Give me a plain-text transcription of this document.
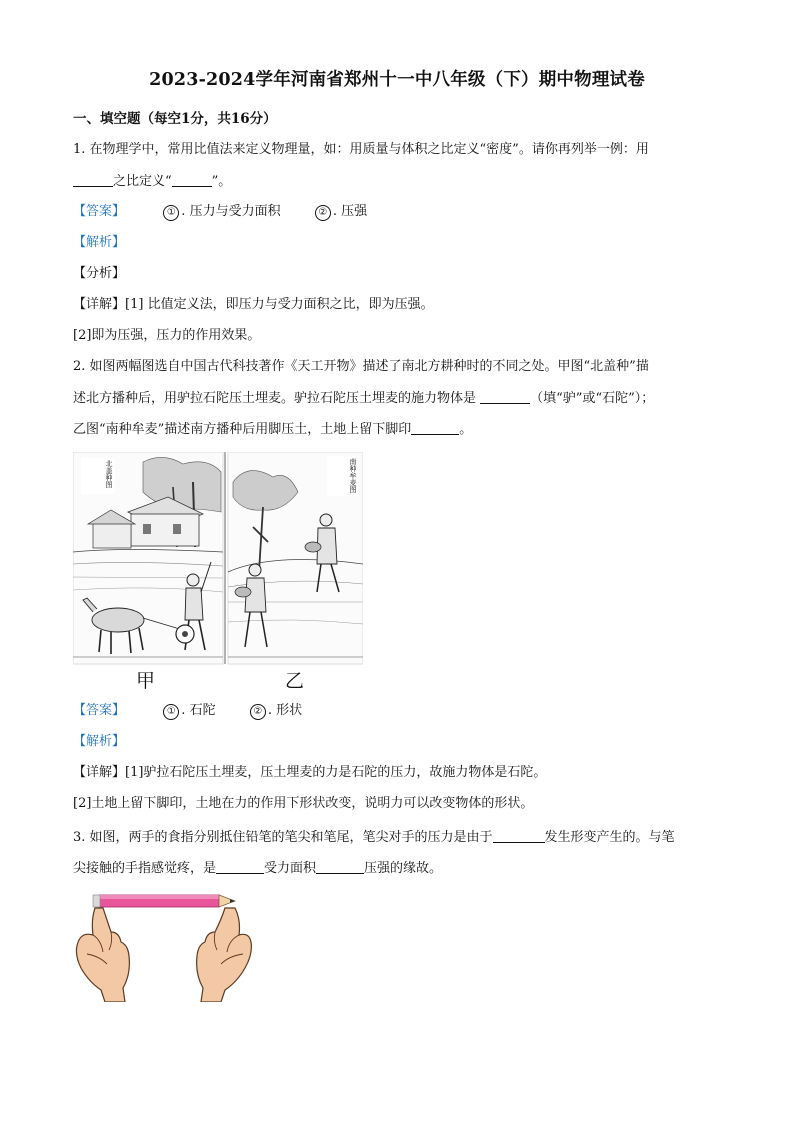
2023-2024学年河南省郑州十一中八年级（下）期中物理试卷
一、填空题（每空1分，共16分）
1. 在物理学中，常用比值法来定义物理量，如：用质量与体积之比定义“密度”。请你再列举一例：用
之比定义“	”。
【答案】	① . 压力与受力面积	② . 压强
【解析】
【分析】
【详解】[1] 比值定义法，即压力与受力面积之比，即为压强。
[2]即为压强，压力的作用效果。
2. 如图两幅图选自中国古代科技著作《天工开物》描述了南北方耕种时的不同之处。甲图“北盖种”描
述北方播种后，用驴拉石陀压土埋麦。驴拉石陀压土埋麦的施力物体是	（填“驴”或“石陀”）；
乙图“南种牟麦”描述南方播种后用脚压土，土地上留下脚印	。
北盖种图	南种牟麦图
甲	乙
【答案】	① . 石陀	② . 形状
【解析】
【详解】[1]驴拉石陀压土埋麦，压土埋麦的力是石陀的压力，故施力物体是石陀。
[2]土地上留下脚印，土地在力的作用下形状改变，说明力可以改变物体的形状。
3. 如图，两手的食指分别抵住铅笔的笔尖和笔尾，笔尖对手的压力是由于	发生形变产生的。与笔
尖接触的手指感觉疼，是	受力面积	压强的缘故。
